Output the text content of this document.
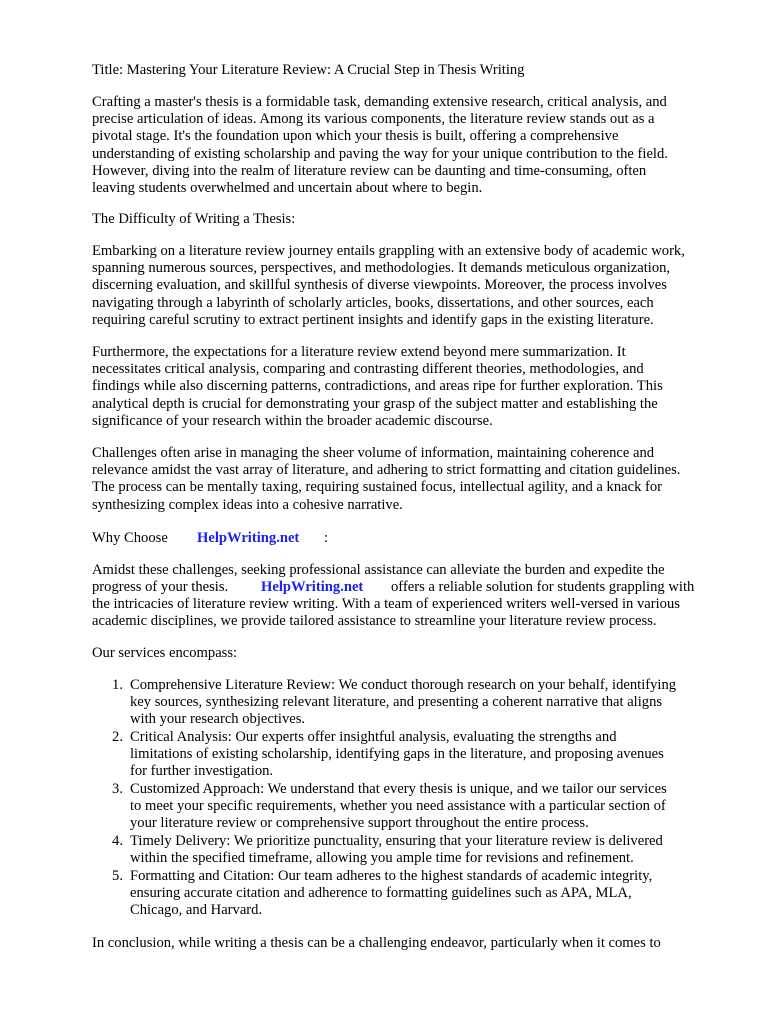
Title: Mastering Your Literature Review: A Crucial Step in Thesis Writing
Crafting a master's thesis is a formidable task, demanding extensive research, critical analysis, and
precise articulation of ideas. Among its various components, the literature review stands out as a
pivotal stage. It's the foundation upon which your thesis is built, offering a comprehensive
understanding of existing scholarship and paving the way for your unique contribution to the field.
However, diving into the realm of literature review can be daunting and time-consuming, often
leaving students overwhelmed and uncertain about where to begin.
The Difficulty of Writing a Thesis:
Embarking on a literature review journey entails grappling with an extensive body of academic work,
spanning numerous sources, perspectives, and methodologies. It demands meticulous organization,
discerning evaluation, and skillful synthesis of diverse viewpoints. Moreover, the process involves
navigating through a labyrinth of scholarly articles, books, dissertations, and other sources, each
requiring careful scrutiny to extract pertinent insights and identify gaps in the existing literature.
Furthermore, the expectations for a literature review extend beyond mere summarization. It
necessitates critical analysis, comparing and contrasting different theories, methodologies, and
findings while also discerning patterns, contradictions, and areas ripe for further exploration. This
analytical depth is crucial for demonstrating your grasp of the subject matter and establishing the
significance of your research within the broader academic discourse.
Challenges often arise in managing the sheer volume of information, maintaining coherence and
relevance amidst the vast array of literature, and adhering to strict formatting and citation guidelines.
The process can be mentally taxing, requiring sustained focus, intellectual agility, and a knack for
synthesizing complex ideas into a cohesive narrative.
Why Choose HelpWriting.net :
Amidst these challenges, seeking professional assistance can alleviate the burden and expedite the
progress of your thesis. HelpWriting.net offers a reliable solution for students grappling with
the intricacies of literature review writing. With a team of experienced writers well-versed in various
academic disciplines, we provide tailored assistance to streamline your literature review process.
Our services encompass:
1. Comprehensive Literature Review: We conduct thorough research on your behalf, identifying
key sources, synthesizing relevant literature, and presenting a coherent narrative that aligns
with your research objectives.
2. Critical Analysis: Our experts offer insightful analysis, evaluating the strengths and
limitations of existing scholarship, identifying gaps in the literature, and proposing avenues
for further investigation.
3. Customized Approach: We understand that every thesis is unique, and we tailor our services
to meet your specific requirements, whether you need assistance with a particular section of
your literature review or comprehensive support throughout the entire process.
4. Timely Delivery: We prioritize punctuality, ensuring that your literature review is delivered
within the specified timeframe, allowing you ample time for revisions and refinement.
5. Formatting and Citation: Our team adheres to the highest standards of academic integrity,
ensuring accurate citation and adherence to formatting guidelines such as APA, MLA,
Chicago, and Harvard.
In conclusion, while writing a thesis can be a challenging endeavor, particularly when it comes to
